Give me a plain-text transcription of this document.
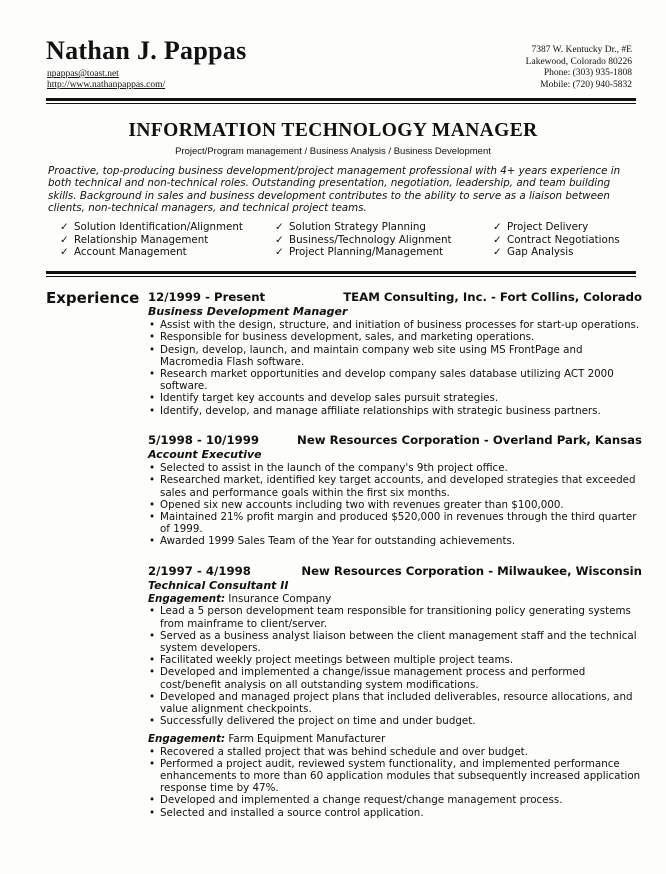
Nathan J. Pappas
npappas@toast.net
http://www.nathanpappas.com/
7387 W. Kentucky Dr., #E
Lakewood, Colorado 80226
Phone: (303) 935-1808
Mobile: (720) 940-5832
INFORMATION TECHNOLOGY MANAGER
Project/Program management / Business Analysis / Business Development
Proactive, top-producing business development/project management professional with 4+ years experience in both technical and non-technical roles. Outstanding presentation, negotiation, leadership, and team building skills. Background in sales and business development contributes to the ability to serve as a liaison between clients, non-technical managers, and technical project teams.
✓ Solution Identification/Alignment
✓ Relationship Management
✓ Account Management
✓ Solution Strategy Planning
✓ Business/Technology Alignment
✓ Project Planning/Management
✓ Project Delivery
✓ Contract Negotiations
✓ Gap Analysis
Experience 12/1999 - Present	TEAM Consulting, Inc. - Fort Collins, Colorado
Business Development Manager
• Assist with the design, structure, and initiation of business processes for start-up operations.
• Responsible for business development, sales, and marketing operations.
• Design, develop, launch, and maintain company web site using MS FrontPage and Macromedia Flash software.
• Research market opportunities and develop company sales database utilizing ACT 2000 software.
• Identify target key accounts and develop sales pursuit strategies.
• Identify, develop, and manage affiliate relationships with strategic business partners.
5/1998 - 10/1999	New Resources Corporation - Overland Park, Kansas
Account Executive
• Selected to assist in the launch of the company's 9th project office.
• Researched market, identified key target accounts, and developed strategies that exceeded sales and performance goals within the first six months.
• Opened six new accounts including two with revenues greater than $100,000.
• Maintained 21% profit margin and produced $520,000 in revenues through the third quarter of 1999.
• Awarded 1999 Sales Team of the Year for outstanding achievements.
2/1997 - 4/1998	New Resources Corporation - Milwaukee, Wisconsin
Technical Consultant II
Engagement: Insurance Company
• Lead a 5 person development team responsible for transitioning policy generating systems from mainframe to client/server.
• Served as a business analyst liaison between the client management staff and the technical system developers.
• Facilitated weekly project meetings between multiple project teams.
• Developed and implemented a change/issue management process and performed cost/benefit analysis on all outstanding system modifications.
• Developed and managed project plans that included deliverables, resource allocations, and value alignment checkpoints.
• Successfully delivered the project on time and under budget.
Engagement: Farm Equipment Manufacturer
• Recovered a stalled project that was behind schedule and over budget.
• Performed a project audit, reviewed system functionality, and implemented performance enhancements to more than 60 application modules that subsequently increased application response time by 47%.
• Developed and implemented a change request/change management process.
• Selected and installed a source control application.
